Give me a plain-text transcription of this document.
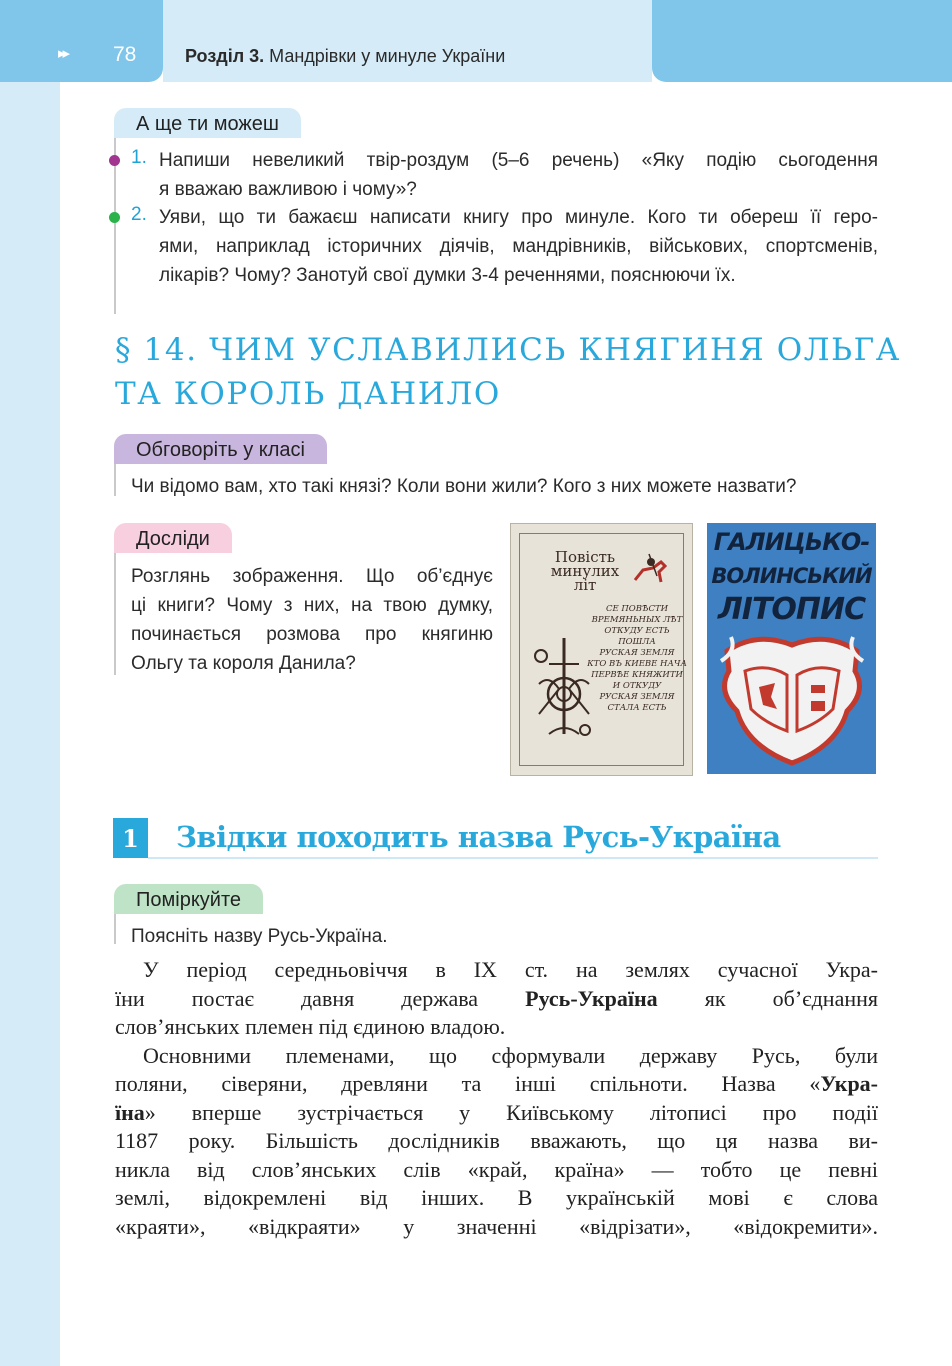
▸▸ 78	Розділ 3. Мандрівки у минуле України
А ще ти можеш
1. Напиши невеликий твір-роздум (5–6 речень) «Яку подію сьогодення
я вважаю важливою і чому»?
2. Уяви, що ти бажаєш написати книгу про минуле. Кого ти обереш її геро-
ями, наприклад історичних діячів, мандрівників, військових, спортсменів,
лікарів? Чому? Занотуй свої думки 3-4 реченнями, пояснюючи їх.
§ 14. ЧИМ УСЛАВИЛИСЬ КНЯГИНЯ ОЛЬГА
ТА КОРОЛЬ ДАНИЛО
Обговоріть у класі
Чи відомо вам, хто такі князі? Коли вони жили? Кого з них можете назвати?
Досліди
Розглянь зображення. Що об’єднує
ці книги? Чому з них, на твою думку,
починається розмова про княгиню
Ольгу та короля Данила?
Повість
минулих
літ
СЕ ПОВѢСТИ
ВРЕМЯНЬНЫХ ЛѢТ
ОТКУДУ ЕСТЬ ПОШЛА
РУСКАЯ ЗЕМЛЯ
КТО ВЪ КИЕВЕ НАЧА
ПЕРВѢЕ КНЯЖИТИ
И ОТКУДУ
РУСКАЯ ЗЕМЛЯ
СТАЛА ЕСТЬ
ГАЛИЦЬКО-
ВОЛИНСЬКИЙ
ЛІТОПИС
1	Звідки походить назва Русь-Україна
Поміркуйте
Поясніть назву Русь-Україна.
У період середньовіччя в IX ст. на землях сучасної Укра-
їни постає давня держава Русь-Україна як об’єднання
слов’янських племен під єдиною владою.
Основними племенами, що сформували державу Русь, були
поляни, сіверяни, древляни та інші спільноти. Назва «Укра-
їна» вперше зустрічається у Київському літописі про події
1187 року. Більшість дослідників вважають, що ця назва ви-
никла від слов’янських слів «край, країна» — тобто це певні
землі, відокремлені від інших. В українській мові є слова
«краяти», «відкраяти» у значенні «відрізати», «відокремити».
